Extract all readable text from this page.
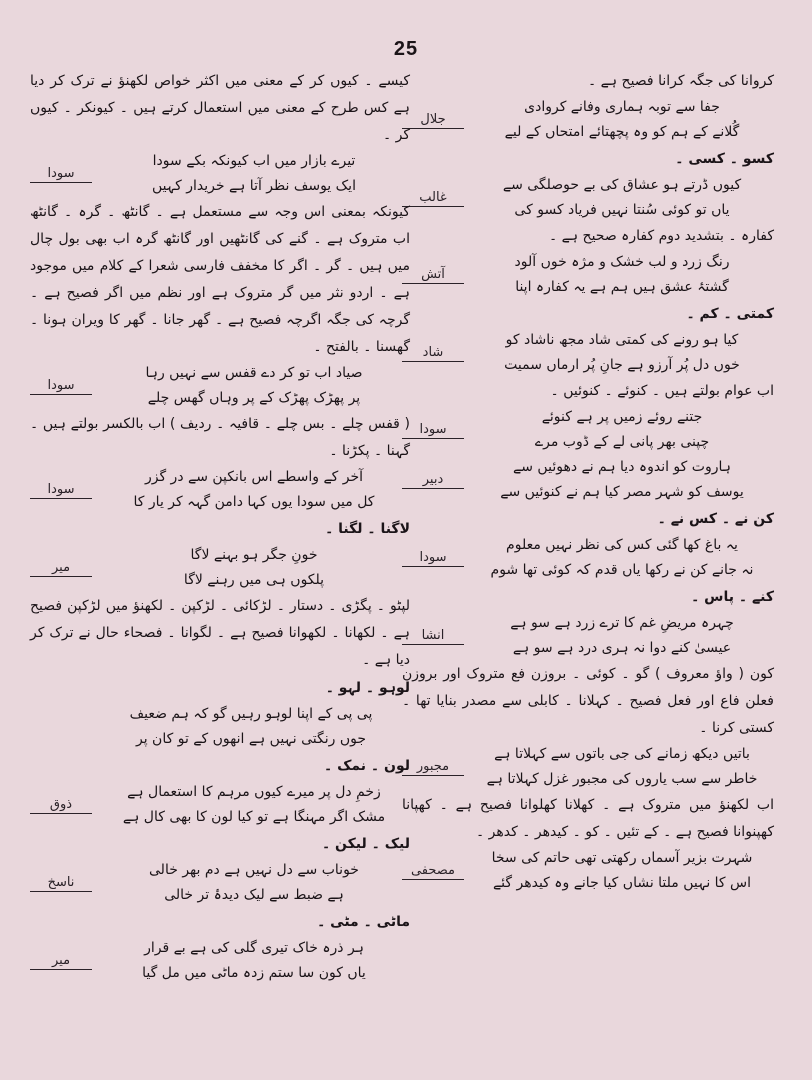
25

کروانا کی جگہ کرانا فصیح ہے ۔

جفا سے توبہ ہماری وفانے کروادی

گُلانے کے ہم کو وہ پچھتائے امتحاں کے لیے

جلال

کسو ۔ کسی ۔

کیوں ڈرتے ہو عشاق کی بے حوصلگی سے

یاں تو کوئی سُنتا نہیں فریاد کسو کی

غالب

کفارہ ۔ بتشدید دوم کفارہ صحیح ہے ۔

رنگ زرد و لب خشک و مژہ خوں آلود

گشتۂ عشق ہیں ہم ہے یہ کفارہ اپنا

آتش

کمتی ۔ کم ۔

کیا ہو رونے کی کمتی شاد مجھ ناشاد کو

خوں دل پُر آرزو ہے جانِ پُر ارماں سمیت

شاد

اب عوام بولتے ہیں ۔ کنوئے ۔ کنوئیں ۔

جتنے روئے زمیں پر ہے کنوئے

چپنی بھر پانی لے کے ڈوب مرے

سودا

ہاروت کو اندوہ دیا ہم نے دھوئیں سے

یوسف کو شہر مصر کیا ہم نے کنوئیں سے

دبیر

کن نے ۔ کس نے ۔

یہ باغ کھا گئی کس کی نظر نہیں معلوم

نہ جانے کن نے رکھا یاں قدم کہ کوئی تھا شوم

سودا

کنے ۔ پاس ۔

چہرہ مریضِ غم کا ترے زرد ہے سو ہے

عیسیٰ کنے دوا نہ ہری درد ہے سو ہے

انشا

کون ( واؤ معروف ) گو ۔ کوئی ۔ بروزن فع متروک اور بروزن فعلن فاع اور فعل فصیح ۔ کہلانا ۔ کابلی سے مصدر بنایا تھا ۔ کستی کرنا ۔

باتیں دیکھ زمانے کی جی باتوں سے کہلاتا ہے

خاطر سے سب یاروں کی مجبور غزل کہلاتا ہے

مجبور

اب لکھنؤ میں متروک ہے ۔ کھلانا کھلوانا فصیح ہے ۔ کھپانا کھپنوانا فصیح ہے ۔ کے تئیں ۔ کو ۔ کیدھر ۔ کدھر ۔

شہرت بزیر آسماں رکھتی تھی حاتم کی سخا

اس کا نہیں ملتا نشاں کیا جانے وہ کیدھر گئے

مصحفی

کیسے ۔ کیوں کر کے معنی میں اکثر خواص لکھنؤ نے ترک کر دیا ہے کس طرح کے معنی میں استعمال کرتے ہیں ۔ کیونکر ۔ کیوں کر ۔

تیرے بازار میں اب کیونکہ بکے سودا

ایک یوسف نظر آتا ہے خریدار کہیں

سودا

کیونکہ بمعنی اس وجہ سے مستعمل ہے ۔ گانٹھ ۔ گرہ ۔ گانٹھ اب متروک ہے ۔ گنے کی گانٹھیں اور گانٹھ گرہ اب بھی بول چال میں ہیں ۔ گر ۔ اگر کا مخفف فارسی شعرا کے کلام میں موجود ہے ۔ اردو نثر میں گر متروک ہے اور نظم میں اگر فصیح ہے ۔ گرچہ کی جگہ اگرچہ فصیح ہے ۔ گھر جانا ۔ گھر کا ویران ہونا ۔ گھسنا ۔ بالفتح ۔

صیاد اب تو کر دے قفس سے نہیں رہا

پر پھڑک پھڑک کے پر وہاں گھس چلے

سودا

( قفس چلے ۔ بس چلے ۔ قافیہ ۔ ردیف ) اب بالکسر بولتے ہیں ۔ گہنا ۔ پکڑنا ۔

آخر کے واسطے اس بانکپن سے در گزر

کل میں سودا یوں کہا دامن گہہ کر یار کا

سودا

لاگنا ۔ لگنا ۔

خونِ جگر ہو بہنے لاگا

پلکوں ہی میں رہنے لاگا

میر

لپٹو ۔ پگڑی ۔ دستار ۔ لڑکائی ۔ لڑکپن ۔ لکھنؤ میں لڑکپن فصیح ہے ۔ لکھانا ۔ لکھوانا فصیح ہے ۔ لگوانا ۔ فصحاء حال نے ترک کر دیا ہے ۔

لوہو ۔ لہو ۔

پی پی کے اپنا لوہو رہیں گو کہ ہم ضعیف

جوں رنگتی نہیں ہے انھوں کے تو کان پر

لون ۔ نمک ۔

زخمِ دل پر میرے کیوں مرہم کا استعمال ہے

مشک اگر مہنگا ہے تو کیا لون کا بھی کال ہے

ذوق

لیک ۔ لیکن ۔

خوناب سے دل نہیں ہے دم بھر خالی

ہے ضبط سے لیک دیدۂ تر خالی

ناسخ

ماٹی ۔ مٹی ۔

ہر ذرہ خاک تیری گلی کی ہے بے قرار

یاں کون سا ستم زدہ ماٹی میں مل گیا

میر
